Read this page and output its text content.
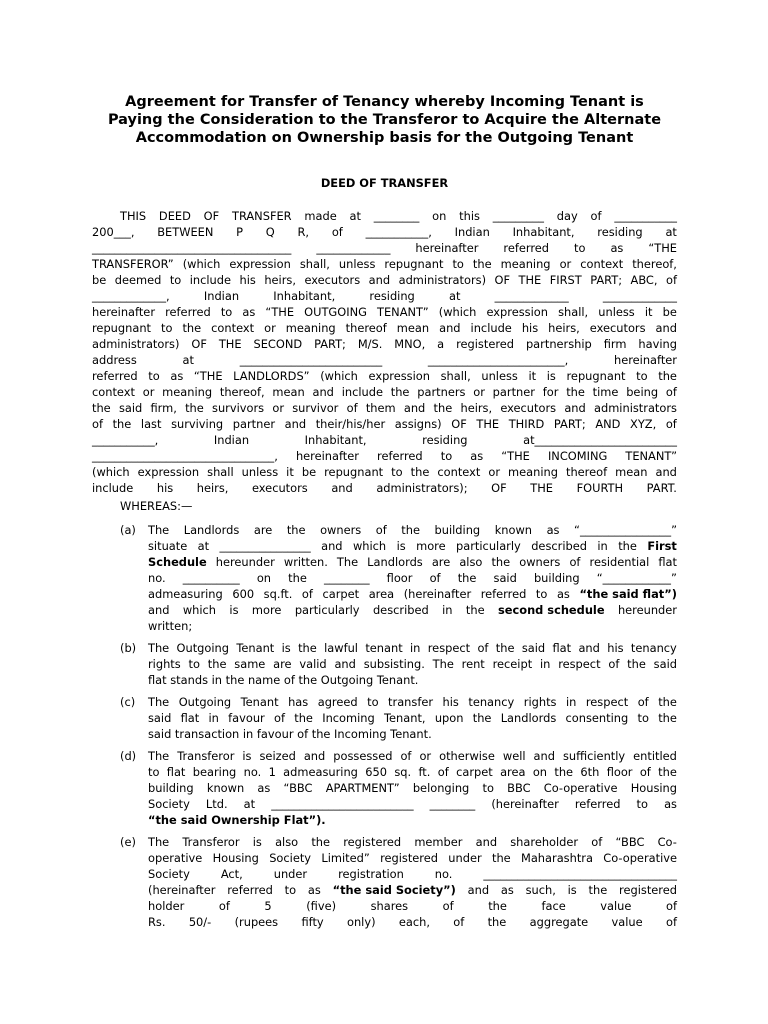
Agreement for Transfer of Tenancy whereby Incoming Tenant is
Paying the Consideration to the Transferor to Acquire the Alternate
Accommodation on Ownership basis for the Outgoing Tenant
DEED OF TRANSFER
THIS DEED OF TRANSFER made at ________ on this _________ day of ___________
200___, BETWEEN P Q R, of ___________, Indian Inhabitant, residing at
___________________________________ _____________ hereinafter referred to as “THE
TRANSFEROR” (which expression shall, unless repugnant to the meaning or context thereof,
be deemed to include his heirs, executors and administrators) OF THE FIRST PART; ABC, of
_____________,	Indian	Inhabitant,	residing	at	_____________	_____________
hereinafter referred to as “THE OUTGOING TENANT” (which expression shall, unless it be
repugnant to the context or meaning thereof mean and include his heirs, executors and
administrators) OF THE SECOND PART; M/S. MNO, a registered partnership firm having
address	at	_________________________	________________________,	hereinafter
referred to as “THE LANDLORDS” (which expression shall, unless it is repugnant to the
context or meaning thereof, mean and include the partners or partner for the time being of
the said firm, the survivors or survivor of them and the heirs, executors and administrators
of the last surviving partner and their/his/her assigns) OF THE THIRD PART; AND XYZ, of
___________,	Indian	Inhabitant,	residing	at_________________________
________________________________, hereinafter referred to as “THE INCOMING TENANT”
(which expression shall unless it be repugnant to the context or meaning thereof mean and
include his heirs, executors and administrators); OF THE FOURTH PART.
WHEREAS:—
(a) The Landlords are the owners of the building known as “________________”
situate at ________________ and which is more particularly described in the First
Schedule hereunder written. The Landlords are also the owners of residential flat
no. __________ on the ________ floor of the said building “____________”
admeasuring 600 sq.ft. of carpet area (hereinafter referred to as “the said flat”)
and which is more particularly described in the second schedule hereunder
written;
(b) The Outgoing Tenant is the lawful tenant in respect of the said flat and his tenancy
rights to the same are valid and subsisting. The rent receipt in respect of the said
flat stands in the name of the Outgoing Tenant.
(c) The Outgoing Tenant has agreed to transfer his tenancy rights in respect of the
said flat in favour of the Incoming Tenant, upon the Landlords consenting to the
said transaction in favour of the Incoming Tenant.
(d) The Transferor is seized and possessed of or otherwise well and sufficiently entitled
to flat bearing no. 1 admeasuring 650 sq. ft. of carpet area on the 6th floor of the
building known as “BBC APARTMENT” belonging to BBC Co-operative Housing
Society Ltd. at _________________________ ________ (hereinafter referred to as
“the said Ownership Flat”).
(e) The Transferor is also the registered member and shareholder of “BBC Co-
operative Housing Society Limited” registered under the Maharashtra Co-operative
Society	Act,	under	registration	no.	__________________________________
(hereinafter referred to as “the said Society”) and as such, is the registered
holder	of	5	(five)	shares	of	the	face	value	of
Rs. 50/- (rupees fifty only) each, of the aggregate value of
